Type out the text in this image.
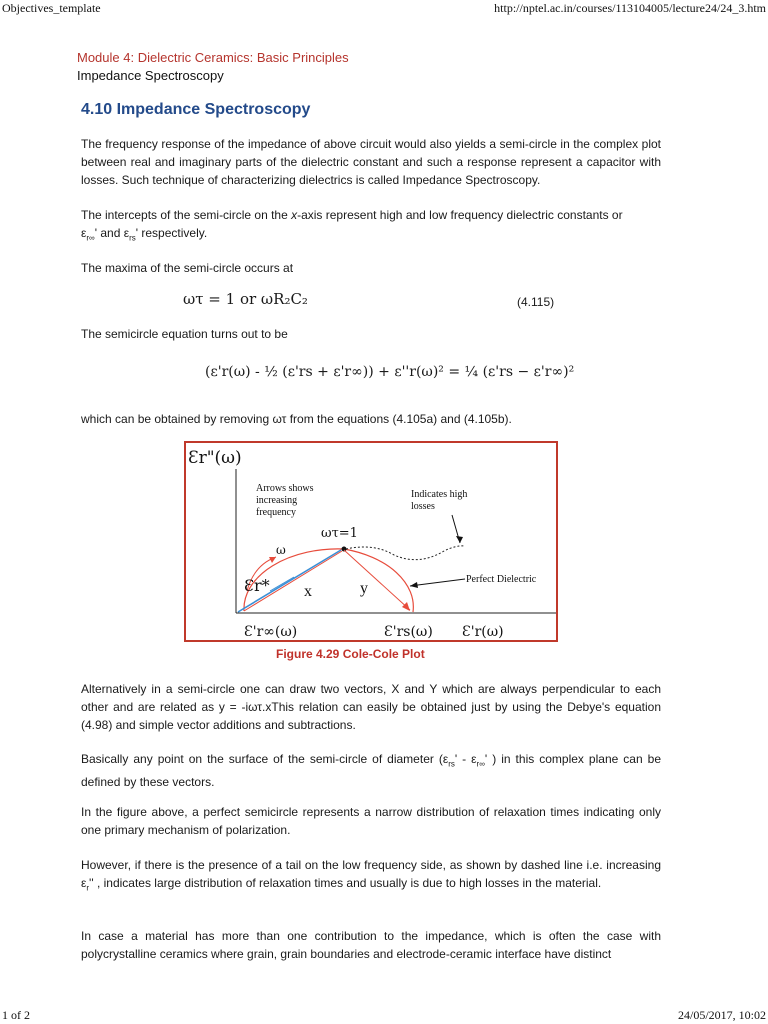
Objectives_template	http://nptel.ac.in/courses/113104005/lecture24/24_3.htm
Module 4: Dielectric Ceramics: Basic Principles
Impedance Spectroscopy
4.10 Impedance Spectroscopy
The frequency response of the impedance of above circuit would also yields a semi-circle in the complex plot between real and imaginary parts of the dielectric constant and such a response represent a capacitor with losses. Such technique of characterizing dielectrics is called Impedance Spectroscopy.
The intercepts of the semi-circle on the x-axis represent high and low frequency dielectric constants or
$\varepsilon_{r\infty}'$ and $\varepsilon_{rs}'$ respectively.
The maxima of the semi-circle occurs at
ωτ = 1 or ωR₂C₂	(4.115)
The semicircle equation turns out to be
(ε'r(ω) - ½ (ε'rs + ε'r∞)) + ε''r(ω)² = ¼ (ε'rs − ε'r∞)²
which can be obtained by removing ωτ from the equations (4.105a) and (4.105b).
Ɛr"(ω)
Arrows shows
increasing
frequency
Indicates high
losses
ωτ=1
ω
Ɛr* x	y
Perfect Dielectric
Ɛ'r∞(ω)	Ɛ'rs(ω) Ɛ'r(ω)
Figure 4.29 Cole-Cole Plot
Alternatively in a semi-circle one can draw two vectors, X and Y which are always perpendicular to each other and are related as y = -iωτ.xThis relation can easily be obtained just by using the Debye's equation (4.98) and simple vector additions and subtractions.
Basically any point on the surface of the semi-circle of diameter ($\varepsilon_{rs}' - \varepsilon_{r\infty}'$ ) in this complex plane can be defined by these vectors.
In the figure above, a perfect semicircle represents a narrow distribution of relaxation times indicating only one primary mechanism of polarization.
However, if there is the presence of a tail on the low frequency side, as shown by dashed line i.e. increasing $\varepsilon_r''$ , indicates large distribution of relaxation times and usually is due to high losses in the material.
In case a material has more than one contribution to the impedance, which is often the case with polycrystalline ceramics where grain, grain boundaries and electrode-ceramic interface have distinct
1 of 2	24/05/2017, 10:02
